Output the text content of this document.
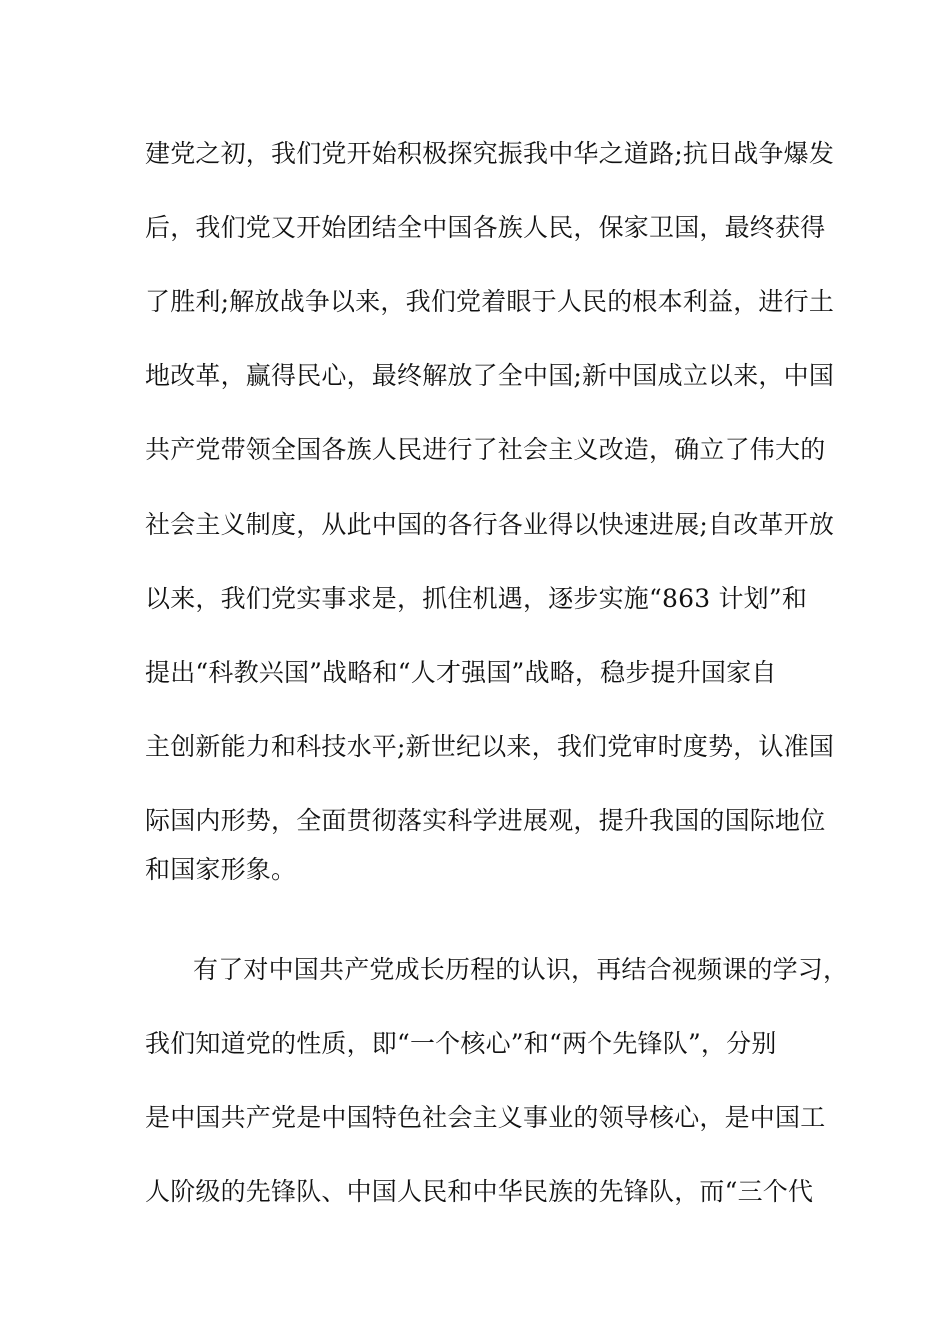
建党之初，我们党开始积极探究振我中华之道路;抗日战争爆发
后，我们党又开始团结全中国各族人民，保家卫国，最终获得
了胜利;解放战争以来，我们党着眼于人民的根本利益，进行土
地改革，赢得民心，最终解放了全中国;新中国成立以来，中国
共产党带领全国各族人民进行了社会主义改造，确立了伟大的
社会主义制度，从此中国的各行各业得以快速进展;自改革开放
以来，我们党实事求是，抓住机遇，逐步实施“863 计划”和
提出“科教兴国”战略和“人才强国”战略，稳步提升国家自
主创新能力和科技水平;新世纪以来，我们党审时度势，认准国
际国内形势，全面贯彻落实科学进展观，提升我国的国际地位
和国家形象。
有了对中国共产党成长历程的认识，再结合视频课的学习，
我们知道党的性质，即“一个核心”和“两个先锋队”，分别
是中国共产党是中国特色社会主义事业的领导核心，是中国工
人阶级的先锋队、中国人民和中华民族的先锋队，而“三个代
